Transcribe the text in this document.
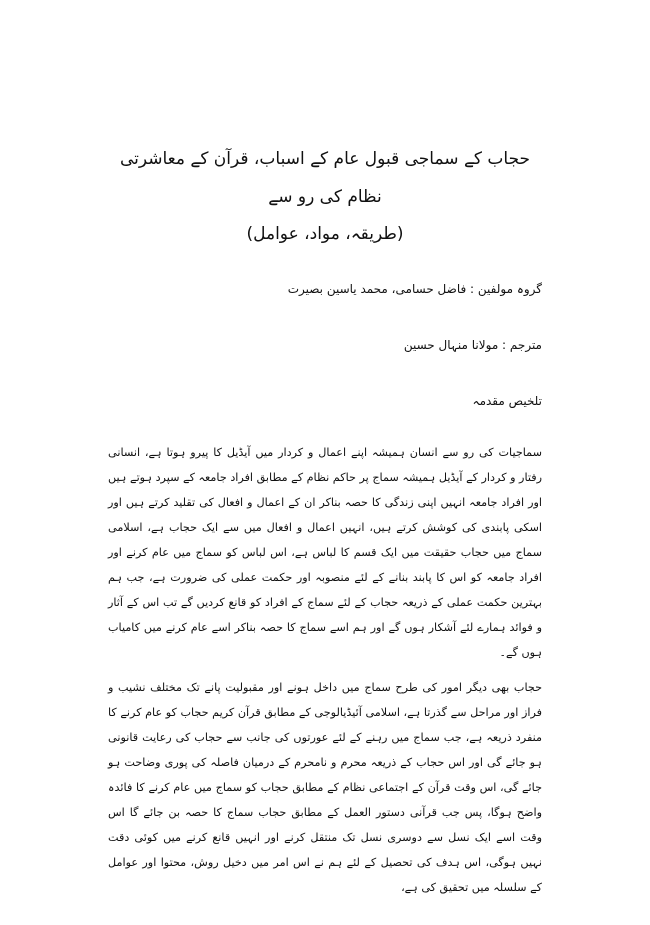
حجاب کے سماجی قبول عام کے اسباب، قرآن کے معاشرتی نظام کی رو سے

(طریقہ، مواد، عوامل)

گروہ مولفین : فاضل حسامی، محمد یاسین بصیرت

مترجم : مولانا منہال حسین

تلخیص مقدمہ

سماجیات کی رو سے انسان ہمیشہ اپنے اعمال و کردار میں آیڈیل کا پیرو ہوتا ہے، انسانی رفتار و کردار کے آیڈیل ہمیشہ سماج پر حاکم نظام کے مطابق افراد جامعہ کے سپرد ہوتے ہیں اور افراد جامعہ انہیں اپنی زندگی کا حصہ بناکر ان کے اعمال و افعال کی تقلید کرتے ہیں اور اسکی پابندی کی کوشش کرتے ہیں، انہیں اعمال و افعال میں سے ایک حجاب ہے، اسلامی سماج میں حجاب حقیقت میں ایک قسم کا لباس ہے، اس لباس کو سماج میں عام کرنے اور افراد جامعہ کو اس کا پابند بنانے کے لئے منصوبہ اور حکمت عملی کی ضرورت ہے، جب ہم بہترین حکمت عملی کے ذریعہ حجاب کے لئے سماج کے افراد کو قانع کردیں گے تب اس کے آثار و فوائد ہمارے لئے آشکار ہوں گے اور ہم اسے سماج کا حصہ بناکر اسے عام کرنے میں کامیاب ہوں گے۔

حجاب بھی دیگر امور کی طرح سماج میں داخل ہونے اور مقبولیت پانے تک مختلف نشیب و فراز اور مراحل سے گذرتا ہے، اسلامی آئیڈیالوجی کے مطابق قرآن کریم حجاب کو عام کرنے کا منفرد ذریعہ ہے، جب سماج میں رہنے کے لئے عورتوں کی جانب سے حجاب کی رعایت قانونی ہو جائے گی اور اس حجاب کے ذریعہ محرم و نامحرم کے درمیان فاصلہ کی پوری وضاحت ہو جائے گی، اس وقت قرآن کے اجتماعی نظام کے مطابق حجاب کو سماج میں عام کرنے کا فائدہ واضح ہوگا، پس جب قرآنی دستور العمل کے مطابق حجاب سماج کا حصہ بن جائے گا اس وقت اسے ایک نسل سے دوسری نسل تک منتقل کرنے اور انہیں قانع کرنے میں کوئی دقت نہیں ہوگی، اس ہدف کی تحصیل کے لئے ہم نے اس امر میں دخیل روش، محتوا اور عوامل کے سلسلہ میں تحقیق کی ہے،
